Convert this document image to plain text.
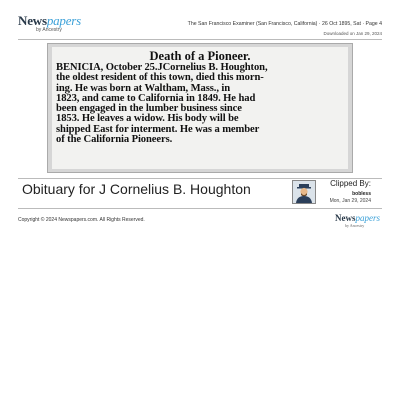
Newspapers
by Ancestry
The San Francisco Examiner (San Francisco, California) · 26 Oct 1895, Sat · Page 4
Downloaded on Jan 29, 2024
Death of a Pioneer.
BENICIA, October 25.JCornelius B. Houghton,
the oldest resident of this town, died this morn-
ing. He was born at Waltham, Mass., in
1823, and came to California in 1849. He had
been engaged in the lumber business since
1853. He leaves a widow. His body will be
shipped East for interment. He was a member
of the California Pioneers.
Obituary for J Cornelius B. Houghton	Clipped By:
bobless
Mon, Jan 29, 2024
Copyright © 2024 Newspapers.com. All Rights Reserved.	Newspapers
by Ancestry
